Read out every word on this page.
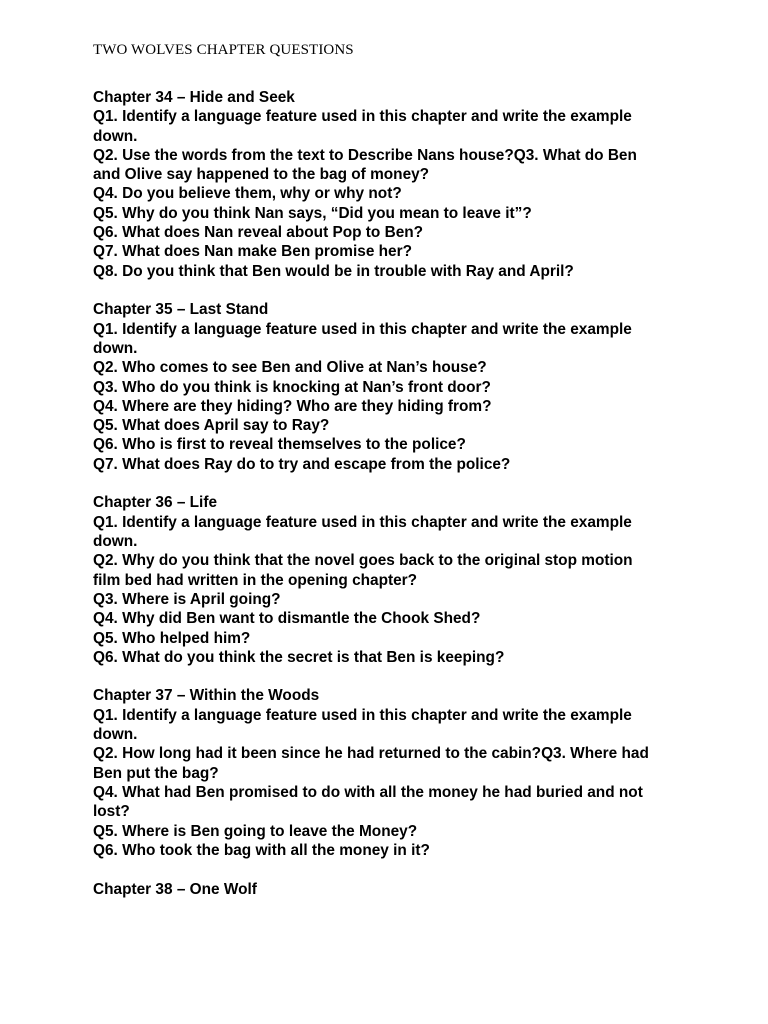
TWO WOLVES CHAPTER QUESTIONS

Chapter 34 – Hide and Seek

Q1. Identify a language feature used in this chapter and write the example down.

Q2. Use the words from the text to Describe Nans house?Q3. What do Ben and Olive say happened to the bag of money?

Q4. Do you believe them, why or why not?

Q5. Why do you think Nan says, “Did you mean to leave it”?

Q6. What does Nan reveal about Pop to Ben?

Q7. What does Nan make Ben promise her?

Q8. Do you think that Ben would be in trouble with Ray and April?

Chapter 35 – Last Stand

Q1. Identify a language feature used in this chapter and write the example down.

Q2. Who comes to see Ben and Olive at Nan’s house?

Q3. Who do you think is knocking at Nan’s front door?

Q4. Where are they hiding? Who are they hiding from?

Q5. What does April say to Ray?

Q6. Who is first to reveal themselves to the police?

Q7. What does Ray do to try and escape from the police?

Chapter 36 – Life

Q1. Identify a language feature used in this chapter and write the example down.

Q2. Why do you think that the novel goes back to the original stop motion film bed had written in the opening chapter?

Q3. Where is April going?

Q4. Why did Ben want to dismantle the Chook Shed?

Q5. Who helped him?

Q6. What do you think the secret is that Ben is keeping?

Chapter 37 – Within the Woods

Q1. Identify a language feature used in this chapter and write the example down.

Q2. How long had it been since he had returned to the cabin?Q3. Where had Ben put the bag?

Q4. What had Ben promised to do with all the money he had buried and not lost?

Q5. Where is Ben going to leave the Money?

Q6. Who took the bag with all the money in it?

Chapter 38 – One Wolf
